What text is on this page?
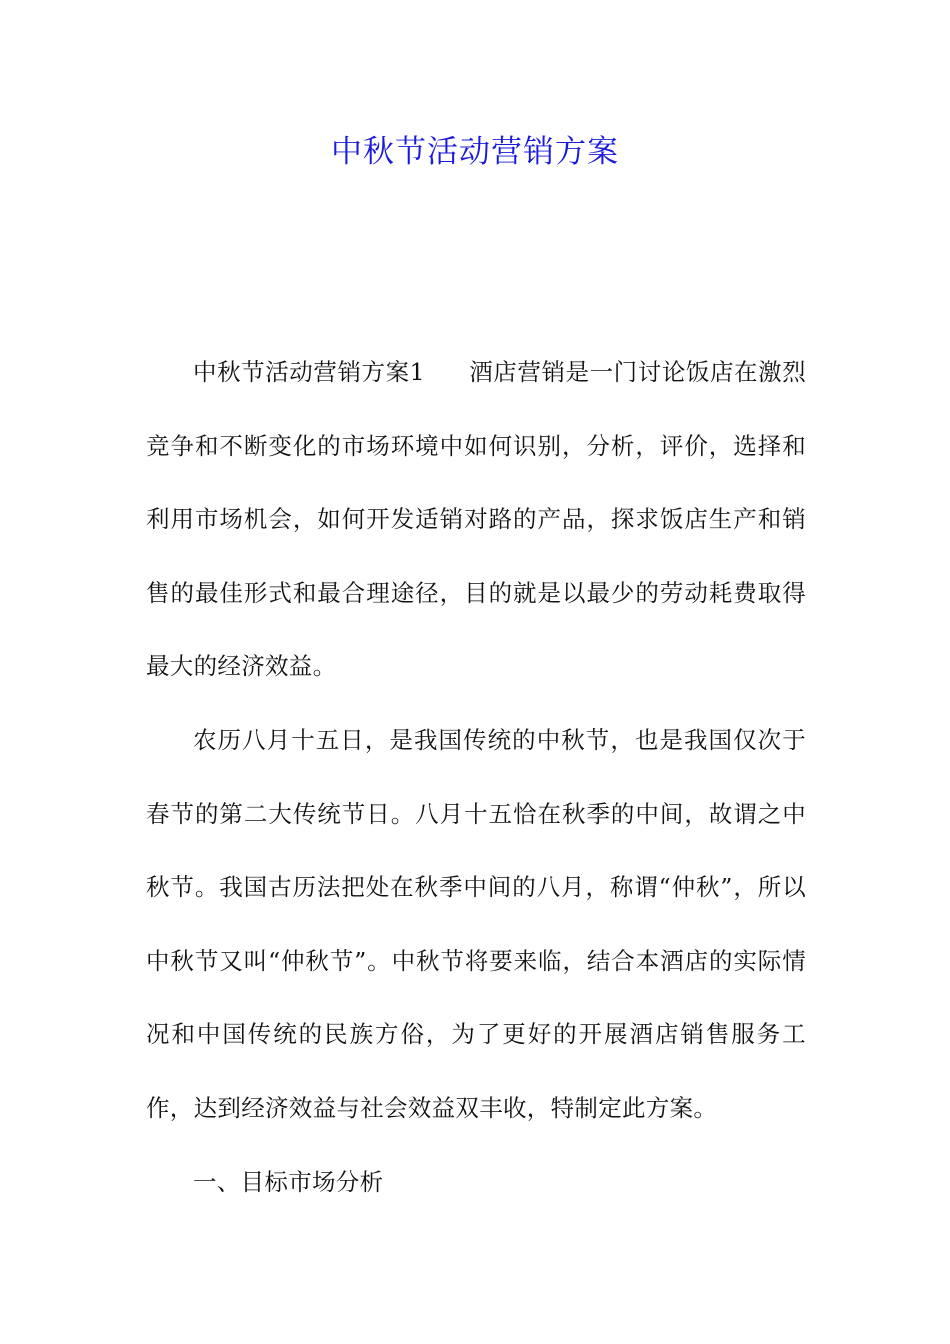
中秋节活动营销方案

中秋节活动营销方案1 酒店营销是一门讨论饭店在激烈竞争和不断变化的市场环境中如何识别，分析，评价，选择和利用市场机会，如何开发适销对路的产品，探求饭店生产和销售的最佳形式和最合理途径，目的就是以最少的劳动耗费取得最大的经济效益。

农历八月十五日，是我国传统的中秋节，也是我国仅次于春节的第二大传统节日。八月十五恰在秋季的中间，故谓之中秋节。我国古历法把处在秋季中间的八月，称谓“仲秋”，所以中秋节又叫“仲秋节”。中秋节将要来临，结合本酒店的实际情况和中国传统的民族方俗，为了更好的开展酒店销售服务工作，达到经济效益与社会效益双丰收，特制定此方案。

一、目标市场分析
